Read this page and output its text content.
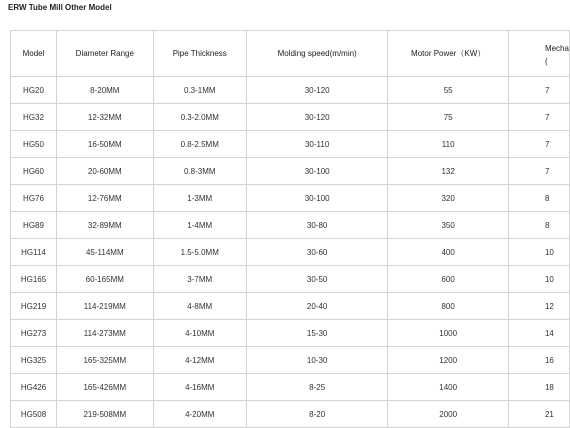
ERW Tube Mill Other Model
Model	Diameter Range	Pipe Thickness	Molding speed(m/min)	Motor Power（KW）	Mecha
(
HG20	8-20MM	0.3-1MM	30-120	55	7
HG32	12-32MM	0.3-2.0MM	30-120	75	7
HG50	16-50MM	0.8-2.5MM	30-110	110	7
HG60	20-60MM	0.8-3MM	30-100	132	7
HG76	12-76MM	1-3MM	30-100	320	8
HG89	32-89MM	1-4MM	30-80	350	8
HG114	45-114MM	1.5-5.0MM	30-60	400	10
HG165	60-165MM	3-7MM	30-50	600	10
HG219	114-219MM	4-8MM	20-40	800	12
HG273	114-273MM	4-10MM	15-30	1000	14
HG325	165-325MM	4-12MM	10-30	1200	16
HG426	165-426MM	4-16MM	8-25	1400	18
HG508	219-508MM	4-20MM	8-20	2000	21
